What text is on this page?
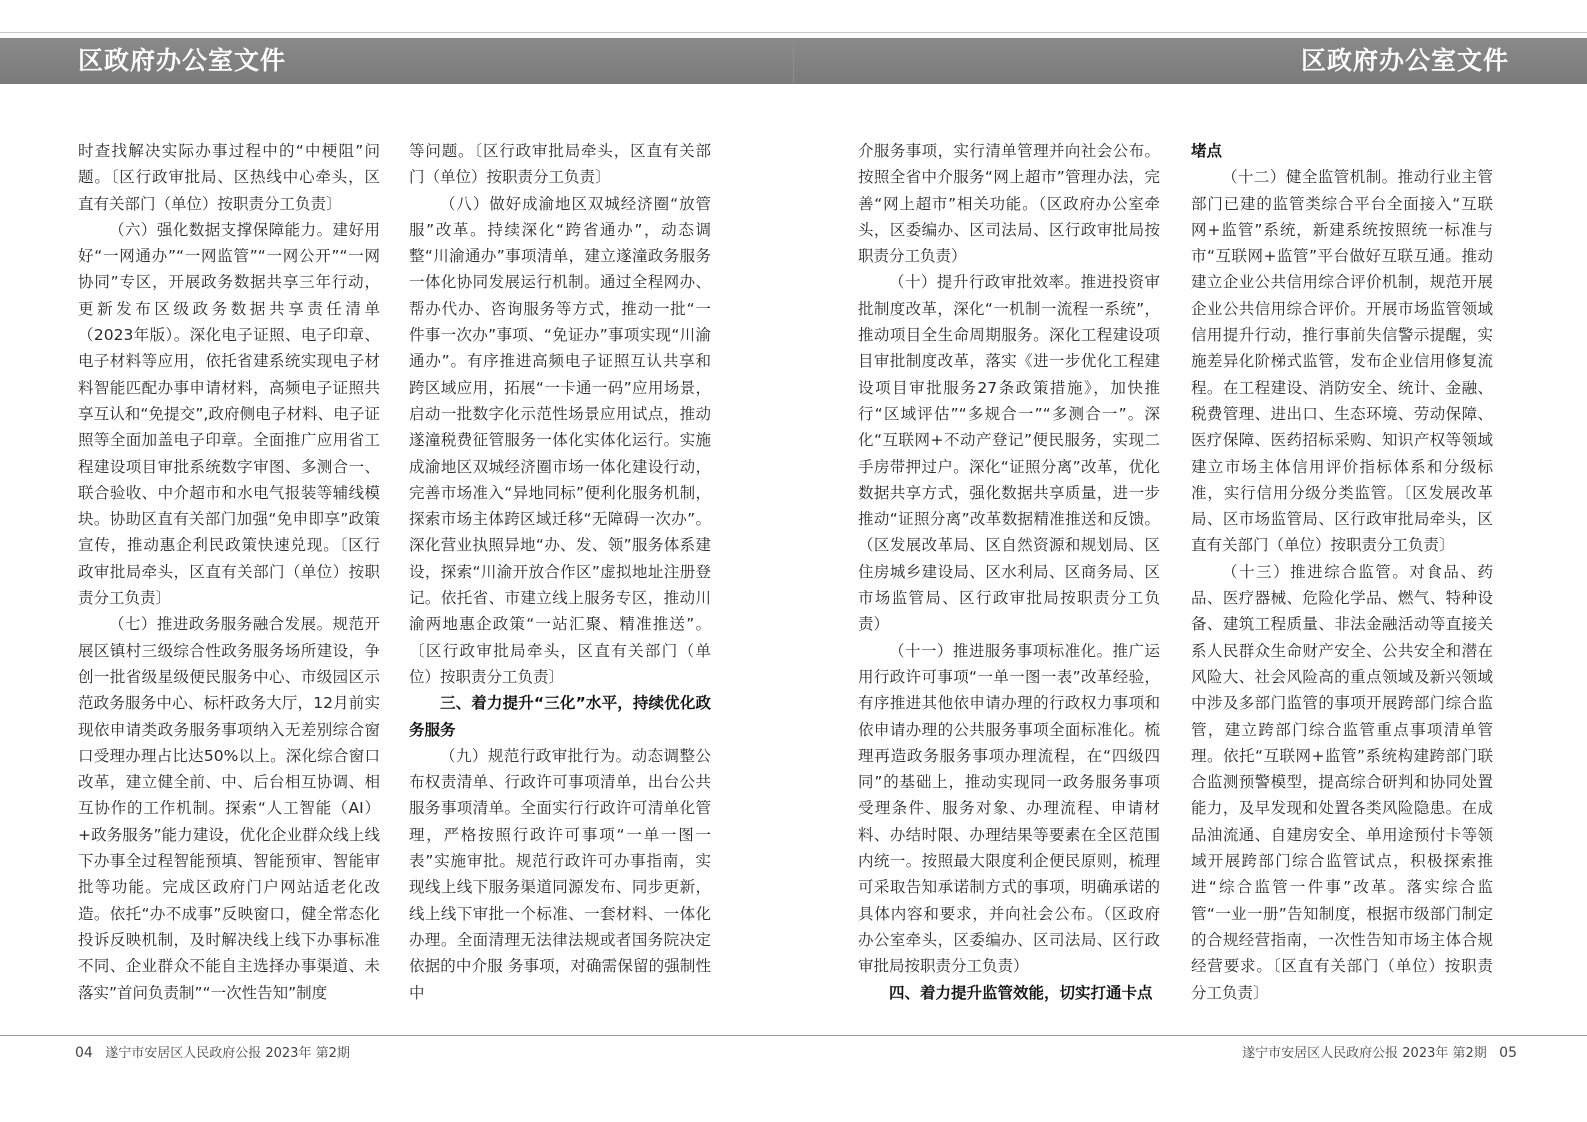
区政府办公室文件	区政府办公室文件

时查找解决实际办事过程中的“中梗阻”问题。〔区行政审批局、区热线中心牵头，区直有关部门（单位）按职责分工负责〕

（六）强化数据支撑保障能力。建好用好“一网通办”“一网监管”“一网公开”“一网协同”专区，开展政务数据共享三年行动，更新发布区级政务数据共享责任清单（2023年版）。深化电子证照、电子印章、电子材料等应用，依托省建系统实现电子材料智能匹配办事申请材料，高频电子证照共享互认和“免提交”,政府侧电子材料、电子证照等全面加盖电子印章。全面推广应用省工程建设项目审批系统数字审图、多测合一、联合验收、中介超市和水电气报装等辅线模块。协助区直有关部门加强“免申即享”政策宣传，推动惠企利民政策快速兑现。〔区行政审批局牵头，区直有关部门（单位）按职责分工负责〕

（七）推进政务服务融合发展。规范开展区镇村三级综合性政务服务场所建设，争创一批省级星级便民服务中心、市级园区示范政务服务中心、标杆政务大厅，12月前实现依申请类政务服务事项纳入无差别综合窗口受理办理占比达50%以上。深化综合窗口改革，建立健全前、中、后台相互协调、相互协作的工作机制。探索“人工智能（AI）+政务服务”能力建设，优化企业群众线上线下办事全过程智能预填、智能预审、智能审批等功能。完成区政府门户网站适老化改造。依托“办不成事”反映窗口，健全常态化投诉反映机制，及时解决线上线下办事标准不同、企业群众不能自主选择办事渠道、未落实”首问负责制”“一次性告知”制度

等问题。〔区行政审批局牵头，区直有关部门（单位）按职责分工负责〕

（八）做好成渝地区双城经济圈“放管服”改革。持续深化“跨省通办”，动态调整“川渝通办”事项清单，建立遂潼政务服务一体化协同发展运行机制。通过全程网办、帮办代办、咨询服务等方式，推动一批“一件事一次办”事项、“免证办”事项实现“川渝通办”。有序推进高频电子证照互认共享和跨区域应用，拓展“一卡通一码”应用场景，启动一批数字化示范性场景应用试点，推动遂潼税费征管服务一体化实体化运行。实施成渝地区双城经济圈市场一体化建设行动，完善市场准入“异地同标”便利化服务机制，探索市场主体跨区域迁移“无障碍一次办”。深化营业执照异地“办、发、领”服务体系建设，探索“川渝开放合作区”虚拟地址注册登记。依托省、市建立线上服务专区，推动川渝两地惠企政策“一站汇聚、精准推送”。〔区行政审批局牵头，区直有关部门（单位）按职责分工负责〕

三、着力提升“三化”水平，持续优化政务服务

（九）规范行政审批行为。动态调整公布权责清单、行政许可事项清单，出台公共服务事项清单。全面实行行政许可清单化管理，严格按照行政许可事项“一单一图一表”实施审批。规范行政许可办事指南，实现线上线下服务渠道同源发布、同步更新，线上线下审批一个标准、一套材料、一体化办理。全面清理无法律法规或者国务院决定依据的中介服 务事项，对确需保留的强制性中

介服务事项，实行清单管理并向社会公布。按照全省中介服务“网上超市”管理办法，完善“网上超市”相关功能。（区政府办公室牵头，区委编办、区司法局、区行政审批局按职责分工负责）

（十）提升行政审批效率。推进投资审批制度改革，深化“一机制一流程一系统”，推动项目全生命周期服务。深化工程建设项目审批制度改革，落实《进一步优化工程建设项目审批服务27条政策措施》，加快推行“区域评估”“多规合一”“多测合一”。深化“互联网+不动产登记”便民服务，实现二手房带押过户。深化“证照分离”改革，优化数据共享方式，强化数据共享质量，进一步推动“证照分离”改革数据精准推送和反馈。（区发展改革局、区自然资源和规划局、区住房城乡建设局、区水利局、区商务局、区市场监管局、区行政审批局按职责分工负责）

（十一）推进服务事项标准化。推广运用行政许可事项“一单一图一表”改革经验，有序推进其他依申请办理的行政权力事项和依申请办理的公共服务事项全面标准化。梳理再造政务服务事项办理流程，在“四级四同”的基础上，推动实现同一政务服务事项受理条件、服务对象、办理流程、申请材料、办结时限、办理结果等要素在全区范围内统一。按照最大限度利企便民原则，梳理可采取告知承诺制方式的事项，明确承诺的具体内容和要求，并向社会公布。（区政府办公室牵头，区委编办、区司法局、区行政审批局按职责分工负责）

四、着力提升监管效能，切实打通卡点
堵点

（十二）健全监管机制。推动行业主管部门已建的监管类综合平台全面接入“互联网+监管”系统，新建系统按照统一标准与市“互联网+监管”平台做好互联互通。推动建立企业公共信用综合评价机制，规范开展企业公共信用综合评价。开展市场监管领域信用提升行动，推行事前失信警示提醒，实施差异化阶梯式监管，发布企业信用修复流程。在工程建设、消防安全、统计、金融、税费管理、进出口、生态环境、劳动保障、医疗保障、医药招标采购、知识产权等领域建立市场主体信用评价指标体系和分级标准，实行信用分级分类监管。〔区发展改革局、区市场监管局、区行政审批局牵头，区直有关部门（单位）按职责分工负责〕

（十三）推进综合监管。对食品、药品、医疗器械、危险化学品、燃气、特种设备、建筑工程质量、非法金融活动等直接关系人民群众生命财产安全、公共安全和潜在风险大、社会风险高的重点领域及新兴领域中涉及多部门监管的事项开展跨部门综合监管，建立跨部门综合监管重点事项清单管理。依托“互联网+监管”系统构建跨部门联合监测预警模型，提高综合研判和协同处置能力，及早发现和处置各类风险隐患。在成品油流通、自建房安全、单用途预付卡等领域开展跨部门综合监管试点，积极探索推进“综合监管一件事”改革。落实综合监管“一业一册”告知制度，根据市级部门制定的合规经营指南，一次性告知市场主体合规经营要求。〔区直有关部门（单位）按职责分工负责〕

04 遂宁市安居区人民政府公报 2023年 第2期	遂宁市安居区人民政府公报 2023年 第2期 05
